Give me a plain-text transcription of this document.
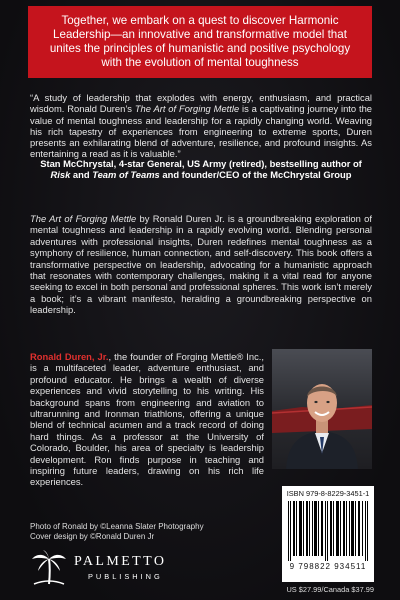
Together, we embark on a quest to discover Harmonic Leadership—an innovative and transformative model that unites the principles of humanistic and positive psychology with the evolution of mental toughness
“A study of leadership that explodes with energy, enthusiasm, and practical wisdom. Ronald Duren’s The Art of Forging Mettle is a captivating journey into the value of mental toughness and leadership for a rapidly changing world. Weaving his rich tapestry of experiences from engineering to extreme sports, Duren presents an exhilarating blend of adventure, resilience, and profound insights. As entertaining a read as it is valuable.”
Stan McChrystal, 4-star General, US Army (retired), bestselling author of Risk and Team of Teams and founder/CEO of the McChrystal Group
The Art of Forging Mettle by Ronald Duren Jr. is a groundbreaking exploration of mental toughness and leadership in a rapidly evolving world. Blending personal adventures with professional insights, Duren redefines mental toughness as a symphony of resilience, human connection, and self-discovery. This book offers a transformative perspective on leadership, advocating for a humanistic approach that resonates with contemporary challenges, making it a vital read for anyone seeking to excel in both personal and professional spheres. This work isn’t merely a book; it’s a vibrant manifesto, heralding a groundbreaking perspective on leadership.
Ronald Duren, Jr., the founder of Forging Mettle® Inc., is a multifaceted leader, adventure enthusiast, and profound educator. He brings a wealth of diverse experiences and vivid storytelling to his writing. His background spans from engineering and aviation to ultrarunning and Ironman triathlons, offering a unique blend of technical acumen and a track record of doing hard things. As a professor at the University of Colorado, Boulder, his area of specialty is leadership development. Ron finds purpose in teaching and inspiring future leaders, drawing on his rich life experiences.
Photo of Ronald by ©Leanna Slater Photography
Cover design by ©Ronald Duren Jr
PALMETTO
PUBLISHING
ISBN 979-8-8229-3451-1
9 798822 934511
US $27.99/Canada $37.99
